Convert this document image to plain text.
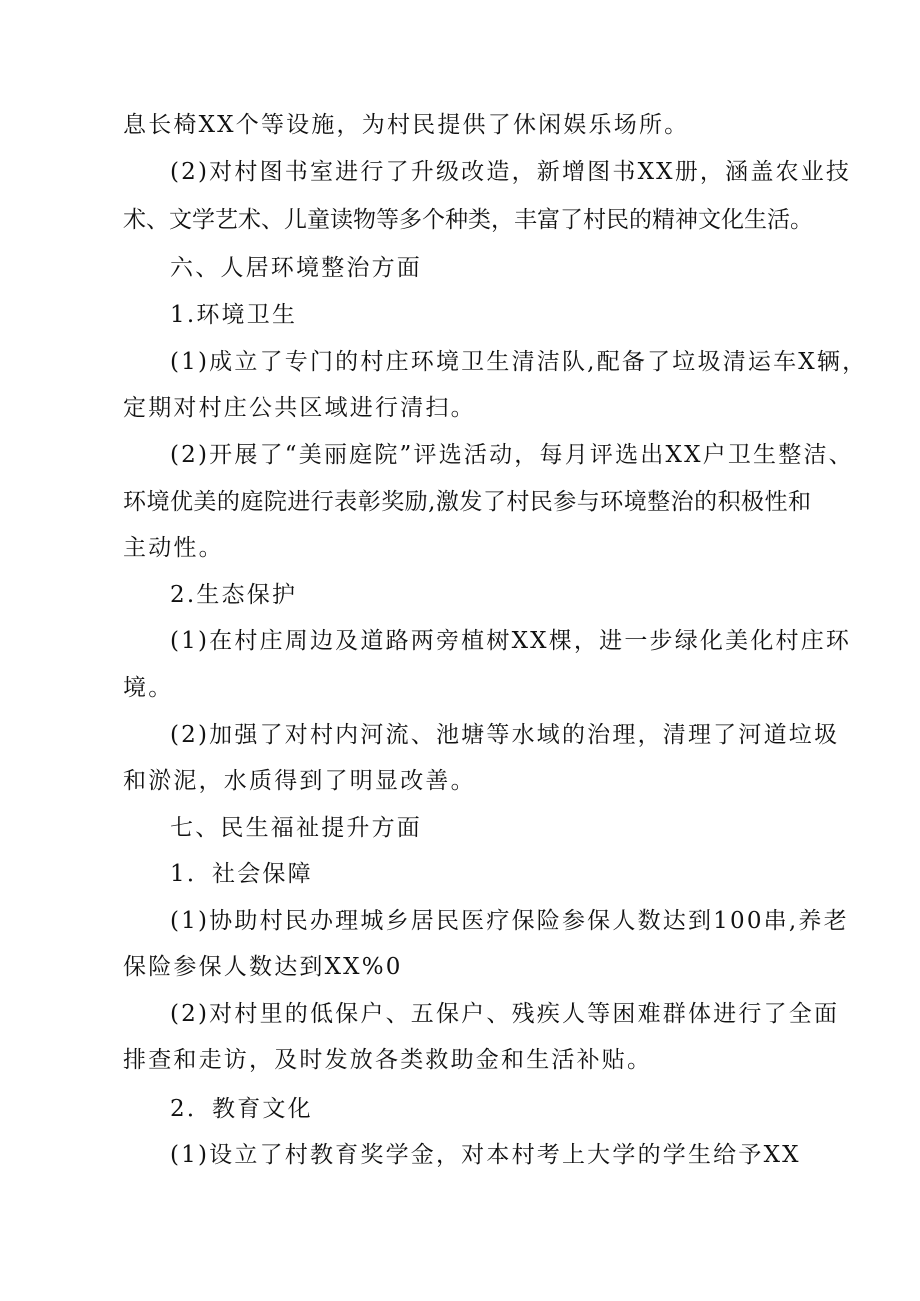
息长椅XX个等设施，为村民提供了休闲娱乐场所。
(2)对村图书室进行了升级改造，新增图书XX册，涵盖农业技
术、文学艺术、儿童读物等多个种类，丰富了村民的精神文化生活。
六、人居环境整治方面
1.环境卫生
(1)成立了专门的村庄环境卫生清洁队,配备了垃圾清运车X辆，
定期对村庄公共区域进行清扫。
(2)开展了“美丽庭院”评选活动，每月评选出XX户卫生整洁、
环境优美的庭院进行表彰奖励,激发了村民参与环境整治的积极性和
主动性。
2.生态保护
(1)在村庄周边及道路两旁植树XX棵，进一步绿化美化村庄环
境。
(2)加强了对村内河流、池塘等水域的治理，清理了河道垃圾
和淤泥，水质得到了明显改善。
七、民生福祉提升方面
1．社会保障
(1)协助村民办理城乡居民医疗保险参保人数达到100串,养老
保险参保人数达到XX%0
(2)对村里的低保户、五保户、残疾人等困难群体进行了全面
排查和走访，及时发放各类救助金和生活补贴。
2．教育文化
(1)设立了村教育奖学金，对本村考上大学的学生给予XX
